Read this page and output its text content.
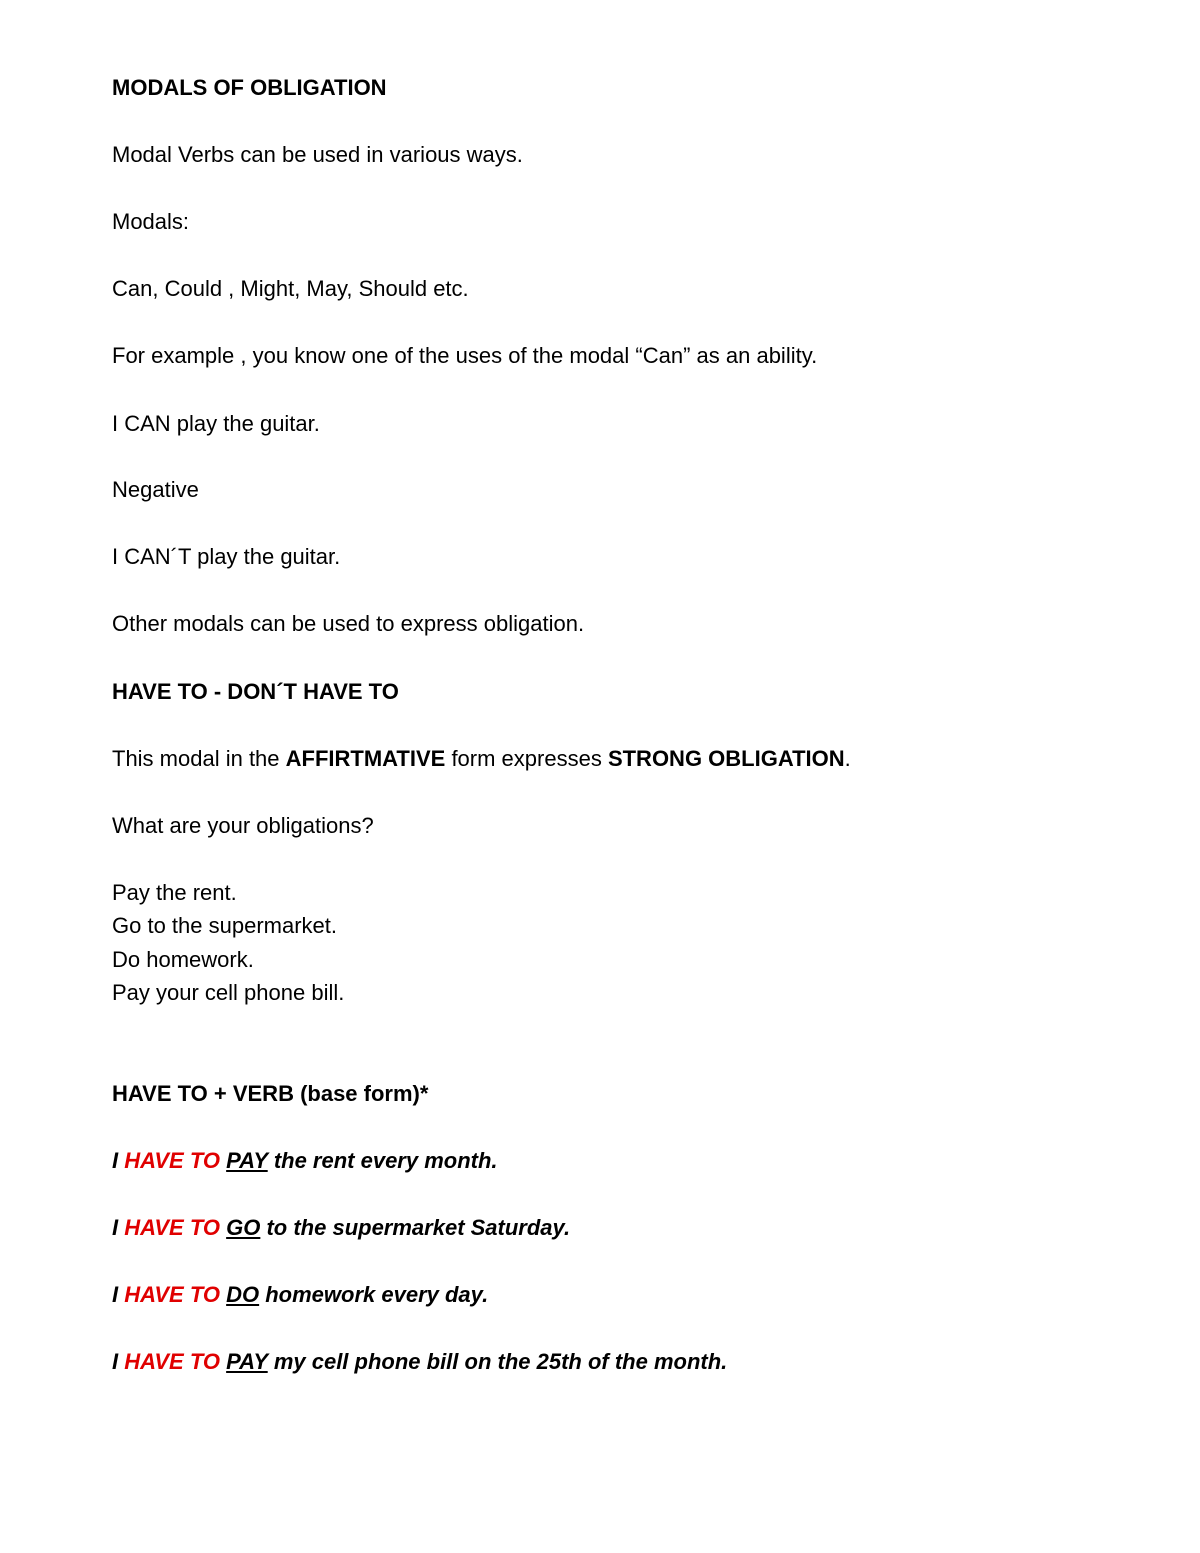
MODALS OF OBLIGATION
Modal Verbs can be used in various ways.
Modals:
Can, Could , Might, May, Should etc.
For example , you know one of the uses of the modal “Can” as an ability.
I CAN play the guitar.
Negative
I CAN´T play the guitar.
Other modals can be used to express obligation.
HAVE TO - DON´T HAVE TO
This modal in the AFFIRTMATIVE form expresses STRONG OBLIGATION.
What are your obligations?
Pay the rent.
Go to the supermarket.
Do homework.
Pay your cell phone bill.
HAVE TO + VERB (base form)*
I HAVE TO PAY the rent every month.
I HAVE TO GO to the supermarket Saturday.
I HAVE TO DO homework every day.
I HAVE TO PAY my cell phone bill on the 25th of the month.
